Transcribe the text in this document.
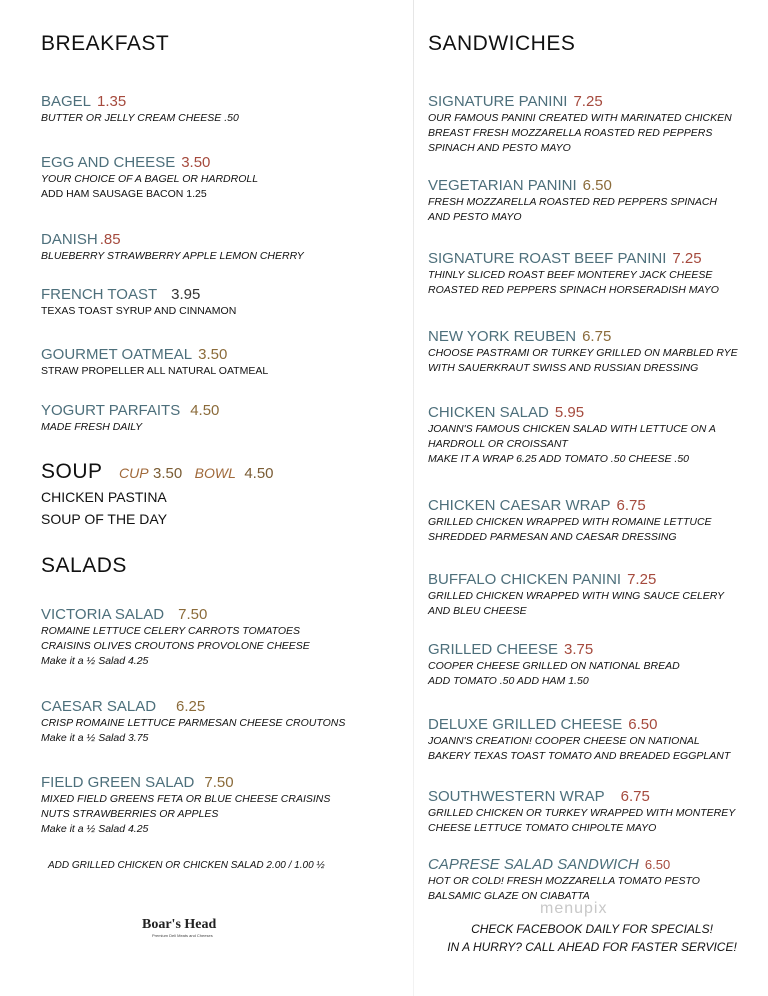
BREAKFAST
BAGEL 1.35
BUTTER OR JELLY CREAM CHEESE .50
EGG AND CHEESE 3.50
YOUR CHOICE OF A BAGEL OR HARDROLL
ADD HAM SAUSAGE BACON 1.25
DANISH .85
BLUEBERRY STRAWBERRY APPLE LEMON CHERRY
FRENCH TOAST 3.95
TEXAS TOAST SYRUP AND CINNAMON
GOURMET OATMEAL 3.50
STRAW PROPELLER ALL NATURAL OATMEAL
YOGURT PARFAITS 4.50
MADE FRESH DAILY
SOUP CUP 3.50 BOWL 4.50
CHICKEN PASTINA
SOUP OF THE DAY
SALADS
VICTORIA SALAD 7.50
ROMAINE LETTUCE CELERY CARROTS TOMATOES
CRAISINS OLIVES CROUTONS PROVOLONE CHEESE
Make it a ½ Salad 4.25
CAESAR SALAD 6.25
CRISP ROMAINE LETTUCE PARMESAN CHEESE CROUTONS
Make it a ½ Salad 3.75
FIELD GREEN SALAD 7.50
MIXED FIELD GREENS FETA OR BLUE CHEESE CRAISINS
NUTS STRAWBERRIES OR APPLES
Make it a ½ Salad 4.25
ADD GRILLED CHICKEN OR CHICKEN SALAD 2.00 / 1.00 ½
Boar's Head
Premium Deli Meats and Cheeses
SANDWICHES
SIGNATURE PANINI 7.25
OUR FAMOUS PANINI CREATED WITH MARINATED CHICKEN
BREAST FRESH MOZZARELLA ROASTED RED PEPPERS
SPINACH AND PESTO MAYO
VEGETARIAN PANINI 6.50
FRESH MOZZARELLA ROASTED RED PEPPERS SPINACH
AND PESTO MAYO
SIGNATURE ROAST BEEF PANINI 7.25
THINLY SLICED ROAST BEEF MONTEREY JACK CHEESE
ROASTED RED PEPPERS SPINACH HORSERADISH MAYO
NEW YORK REUBEN 6.75
CHOOSE PASTRAMI OR TURKEY GRILLED ON MARBLED RYE
WITH SAUERKRAUT SWISS AND RUSSIAN DRESSING
CHICKEN SALAD 5.95
JOANN'S FAMOUS CHICKEN SALAD WITH LETTUCE ON A
HARDROLL OR CROISSANT
MAKE IT A WRAP 6.25 ADD TOMATO .50 CHEESE .50
CHICKEN CAESAR WRAP 6.75
GRILLED CHICKEN WRAPPED WITH ROMAINE LETTUCE
SHREDDED PARMESAN AND CAESAR DRESSING
BUFFALO CHICKEN PANINI 7.25
GRILLED CHICKEN WRAPPED WITH WING SAUCE CELERY
AND BLEU CHEESE
GRILLED CHEESE 3.75
COOPER CHEESE GRILLED ON NATIONAL BREAD
ADD TOMATO .50 ADD HAM 1.50
DELUXE GRILLED CHEESE 6.50
JOANN'S CREATION! COOPER CHEESE ON NATIONAL
BAKERY TEXAS TOAST TOMATO AND BREADED EGGPLANT
SOUTHWESTERN WRAP 6.75
GRILLED CHICKEN OR TURKEY WRAPPED WITH MONTEREY
CHEESE LETTUCE TOMATO CHIPOLTE MAYO
CAPRESE SALAD SANDWICH 6.50
HOT OR COLD! FRESH MOZZARELLA TOMATO PESTO
BALSAMIC GLAZE ON CIABATTA
CHECK FACEBOOK DAILY FOR SPECIALS!
IN A HURRY? CALL AHEAD FOR FASTER SERVICE!
menupix
